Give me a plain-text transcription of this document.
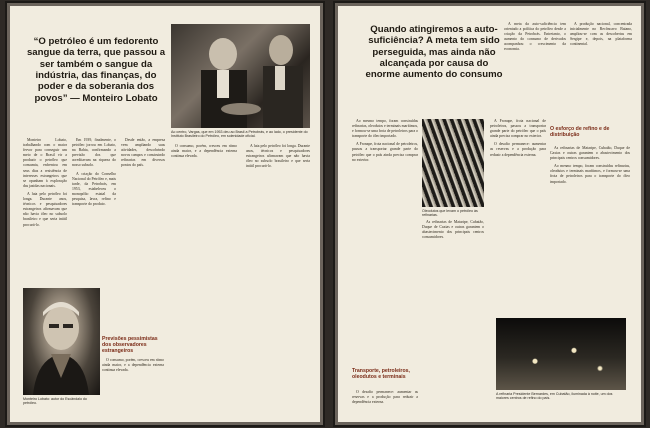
“O petróleo é um fedorento sangue da terra, que passou a ser também o sangue da indústria, das finanças, do poder e da soberania dos povos” — Monteiro Lobato
Ao centro, Vargas, que em 1953 deu ao Brasil a Petrobrás, e ao lado, o presidente do Instituto Brasileiro do Petróleo, em solenidade oficial.

Monteiro Lobato, trabalhando com o maior fervor para conseguir um meio de o Brasil vir a produzir o petróleo que consumia, enfrentou em seus dias a resistência de interesses estrangeiros que se opunham à exploração das jazidas nacionais.

A luta pelo petróleo foi longa. Durante anos, técnicos e pesquisadores estrangeiros afirmavam que não havia óleo no subsolo brasileiro e que seria inútil procurá-lo.

Em 1939, finalmente, o petróleo jorrou em Lobato, na Bahia, confirmando a previsão dos que acreditavam na riqueza do nosso subsolo.

A criação do Conselho Nacional do Petróleo e, mais tarde, da Petrobrás, em 1953, estabeleceu o monopólio estatal da pesquisa, lavra, refino e transporte do produto.

Desde então, a empresa vem ampliando suas atividades, descobrindo novos campos e construindo refinarias em diversos pontos do país.

O consumo, porém, cresceu em ritmo ainda maior, e a dependência externa continua elevada.

A luta pelo petróleo foi longa. Durante anos, técnicos e pesquisadores estrangeiros afirmavam que não havia óleo no subsolo brasileiro e que seria inútil procurá-lo.

Monteiro Lobato: autor do Escândalo do petróleo.
Previsões pessimistas dos observadores estrangeiros

O consumo, porém, cresceu em ritmo ainda maior, e a dependência externa continua elevada.

Quando atingiremos a auto-suficiência? A meta tem sido perseguida, mas ainda não alcançada por causa do enorme aumento do consumo

A meta da auto-suficiência tem orientado a política do petróleo desde a criação da Petrobrás. Entretanto, o aumento do consumo de derivados acompanhou o crescimento da economia.

A produção nacional, concentrada inicialmente no Recôncavo Baiano, ampliou-se com as descobertas em Sergipe e, depois, na plataforma continental.

Ao mesmo tempo, foram construídas refinarias, oleodutos e terminais marítimos, e formou-se uma frota de petroleiros para o transporte do óleo importado.

A Fronape, frota nacional de petroleiros, passou a transportar grande parte do petróleo que o país ainda precisa comprar no exterior.

Oleodutos que levam o petróleo às refinarias.

As refinarias de Mataripe, Cubatão, Duque de Caxias e outras garantem o abastecimento dos principais centros consumidores.

A Fronape, frota nacional de petroleiros, passou a transportar grande parte do petróleo que o país ainda precisa comprar no exterior.

O desafio permanece: aumentar as reservas e a produção para reduzir a dependência externa.

O esforço de refino e de distribuição

As refinarias de Mataripe, Cubatão, Duque de Caxias e outras garantem o abastecimento dos principais centros consumidores.

Ao mesmo tempo, foram construídas refinarias, oleodutos e terminais marítimos, e formou-se uma frota de petroleiros para o transporte do óleo importado.

Transporte, petroleiros, oleodutos e terminais

O desafio permanece: aumentar as reservas e a produção para reduzir a dependência externa.

A refinaria Presidente Bernardes, em Cubatão, iluminada à noite, um dos maiores centros de refino do país.
